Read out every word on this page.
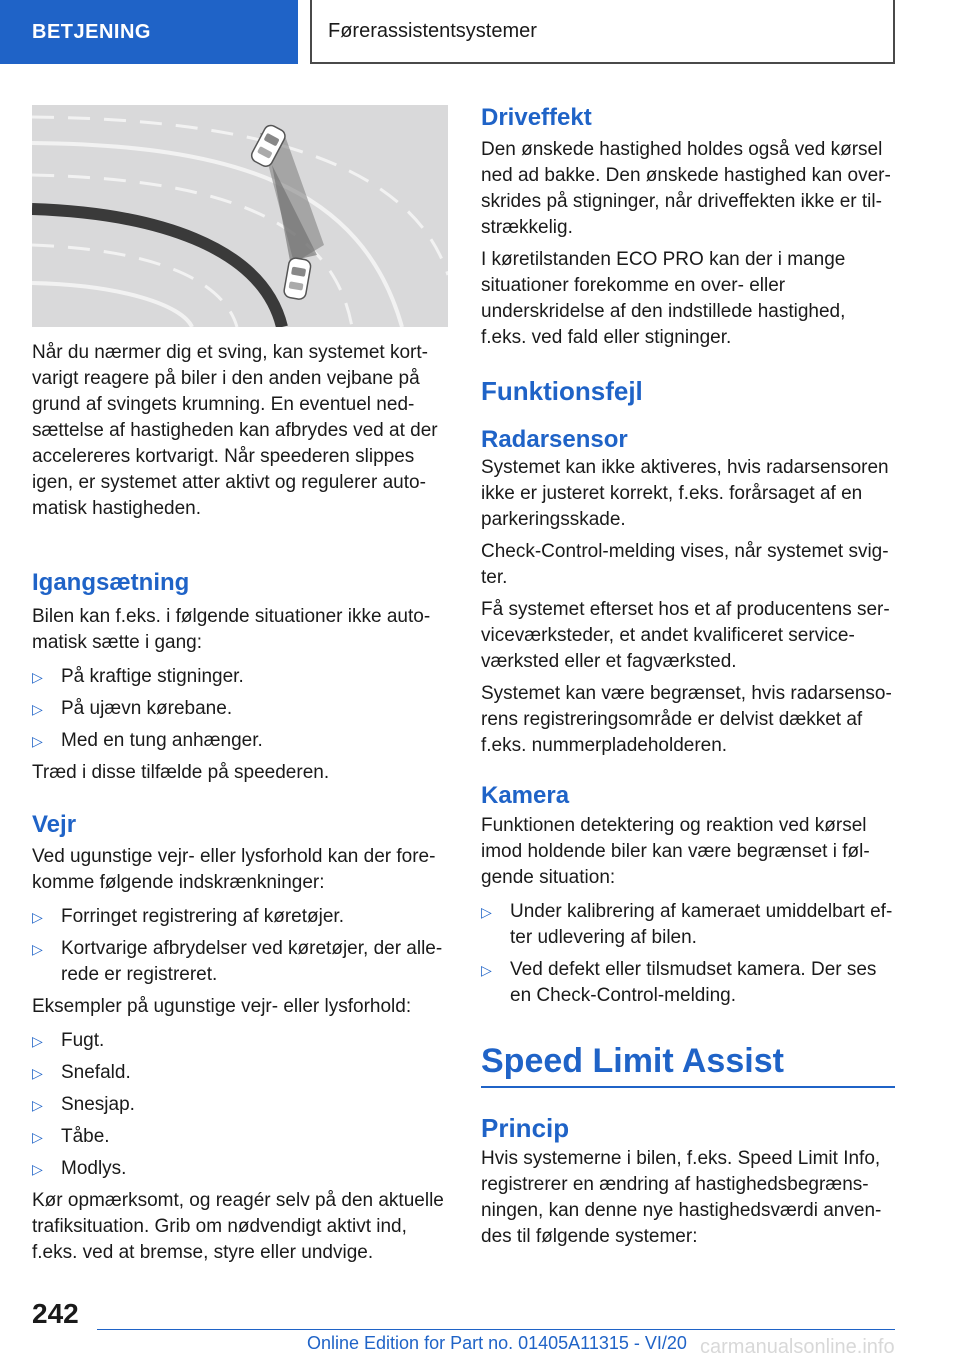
BETJENING	Førerassistentsystemer

Når du nærmer dig et sving, kan systemet kortvarigt reagere på biler i den anden vejbane på grund af svingets krumning. En eventuel nedsættelse af hastigheden kan afbrydes ved at der accelereres kortvarigt. Når speederen slippes igen, er systemet atter aktivt og regulerer automatisk hastigheden.

Igangsætning

Bilen kan f.eks. i følgende situationer ikke automatisk sætte i gang:

▷ På kraftige stigninger.
▷ På ujævn kørebane.
▷ Med en tung anhænger.

Træd i disse tilfælde på speederen.

Vejr

Ved ugunstige vejr- eller lysforhold kan der forekomme følgende indskrænkninger:

▷ Forringet registrering af køretøjer.
▷ Kortvarige afbrydelser ved køretøjer, der allerede er registreret.

Eksempler på ugunstige vejr- eller lysforhold:

▷ Fugt.
▷ Snefald.
▷ Snesjap.
▷ Tåbe.
▷ Modlys.

Kør opmærksomt, og reagér selv på den aktuelle trafiksituation. Grib om nødvendigt aktivt ind, f.eks. ved at bremse, styre eller undvige.

Driveffekt

Den ønskede hastighed holdes også ved kørsel ned ad bakke. Den ønskede hastighed kan overskrides på stigninger, når driveffekten ikke er tilstrækkelig.

I køretilstanden ECO PRO kan der i mange situationer forekomme en over- eller underskridelse af den indstillede hastighed, f.eks. ved fald eller stigninger.

Funktionsfejl
Radarsensor

Systemet kan ikke aktiveres, hvis radarsensoren ikke er justeret korrekt, f.eks. forårsaget af en parkeringsskade.

Check-Control-melding vises, når systemet svigter.

Få systemet efterset hos et af producentens serviceværksteder, et andet kvalificeret serviceværksted eller et fagværksted.

Systemet kan være begrænset, hvis radarsensorens registreringsområde er delvist dækket af f.eks. nummerpladeholderen.

Kamera

Funktionen detektering og reaktion ved kørsel imod holdende biler kan være begrænset i følgende situation:

▷ Under kalibrering af kameraet umiddelbart efter udlevering af bilen.
▷ Ved defekt eller tilsmudset kamera. Der ses en Check-Control-melding.
Speed Limit Assist
Princip

Hvis systemerne i bilen, f.eks. Speed Limit Info, registrerer en ændring af hastighedsbegrænsningen, kan denne nye hastighedsværdi anvendes til følgende systemer:

242
Online Edition for Part no. 01405A11315 - VI/20 carmanualsonline.info
